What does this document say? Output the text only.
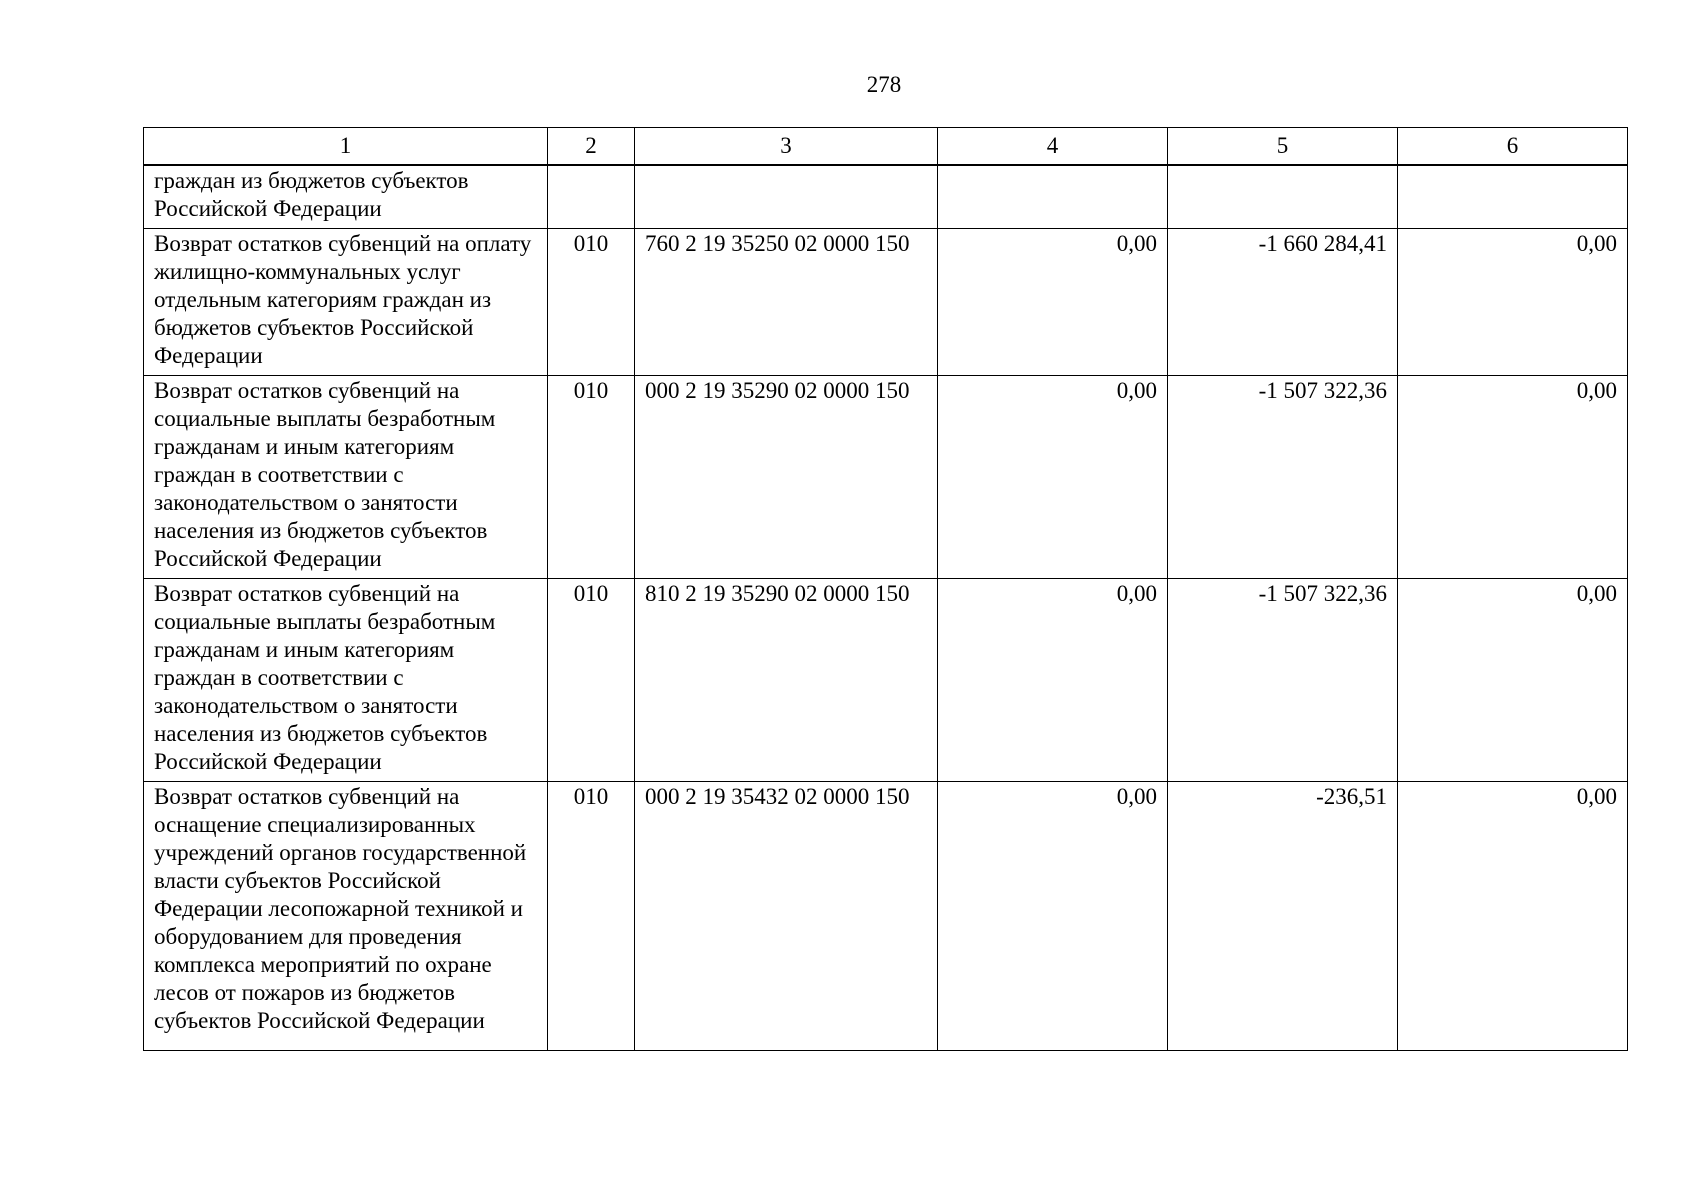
278
1	2	3	4	5	6
граждан из бюджетов субъектов Российской Федерации					
Возврат остатков субвенций на оплату жилищно-коммунальных услуг отдельным категориям граждан из бюджетов субъектов Российской Федерации	010	760 2 19 35250 02 0000 150	0,00	-1 660 284,41	0,00
Возврат остатков субвенций на социальные выплаты безработным гражданам и иным категориям граждан в соответствии с законодательством о занятости населения из бюджетов субъектов Российской Федерации	010	000 2 19 35290 02 0000 150	0,00	-1 507 322,36	0,00
Возврат остатков субвенций на социальные выплаты безработным гражданам и иным категориям граждан в соответствии с законодательством о занятости населения из бюджетов субъектов Российской Федерации	010	810 2 19 35290 02 0000 150	0,00	-1 507 322,36	0,00
Возврат остатков субвенций на оснащение специализированных учреждений органов государственной власти субъектов Российской Федерации лесопожарной техникой и оборудованием для проведения комплекса мероприятий по охране лесов от пожаров из бюджетов субъектов Российской Федерации	010	000 2 19 35432 02 0000 150	0,00	-236,51	0,00
